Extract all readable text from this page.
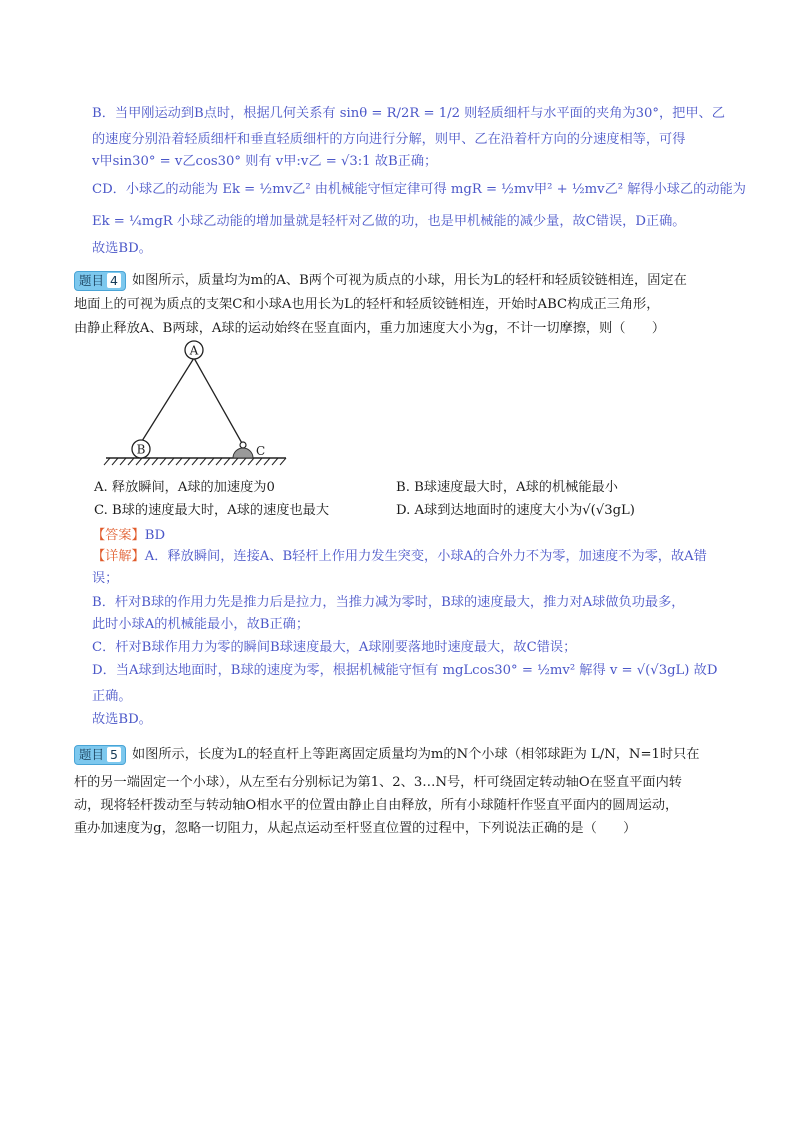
B．当甲刚运动到B点时，根据几何关系有 sinθ = R/2R = 1/2 则轻质细杆与水平面的夹角为30°，把甲、乙
的速度分别沿着轻质细杆和垂直轻质细杆的方向进行分解，则甲、乙在沿着杆方向的分速度相等，可得
v甲sin30° = v乙cos30° 则有 v甲:v乙 = √3:1 故B正确；
CD．小球乙的动能为 Ek = ½mv乙² 由机械能守恒定律可得 mgR = ½mv甲² + ½mv乙² 解得小球乙的动能为
Ek = ¼mgR 小球乙动能的增加量就是轻杆对乙做的功，也是甲机械能的减少量，故C错误，D正确。
故选BD。
题目 4	如图所示，质量均为m的A、B两个可视为质点的小球，用长为L的轻杆和轻质铰链相连，固定在
地面上的可视为质点的支架C和小球A也用长为L的轻杆和轻质铰链相连，开始时ABC构成正三角形，
由静止释放A、B两球，A球的运动始终在竖直面内，重力加速度大小为g，不计一切摩擦，则（　　）
A
B	C
A. 释放瞬间，A球的加速度为0	B. B球速度最大时，A球的机械能最小
C. B球的速度最大时，A球的速度也最大	D. A球到达地面时的速度大小为√(√3gL)
【答案】BD
【详解】A．释放瞬间，连接A、B轻杆上作用力发生突变，小球A的合外力不为零，加速度不为零，故A错
误；
B．杆对B球的作用力先是推力后是拉力，当推力减为零时，B球的速度最大，推力对A球做负功最多，
此时小球A的机械能最小，故B正确；
C．杆对B球作用力为零的瞬间B球速度最大，A球刚要落地时速度最大，故C错误；
D．当A球到达地面时，B球的速度为零，根据机械能守恒有 mgLcos30° = ½mv² 解得 v = √(√3gL) 故D
正确。
故选BD。
题目 5	如图所示，长度为L的轻直杆上等距离固定质量均为m的N个小球（相邻球距为 L/N，N=1时只在
杆的另一端固定一个小球），从左至右分别标记为第1、2、3…N号，杆可绕固定转动轴O在竖直平面内转
动，现将轻杆拨动至与转动轴O相水平的位置由静止自由释放，所有小球随杆作竖直平面内的圆周运动，
重办加速度为g，忽略一切阻力，从起点运动至杆竖直位置的过程中，下列说法正确的是（　　）
